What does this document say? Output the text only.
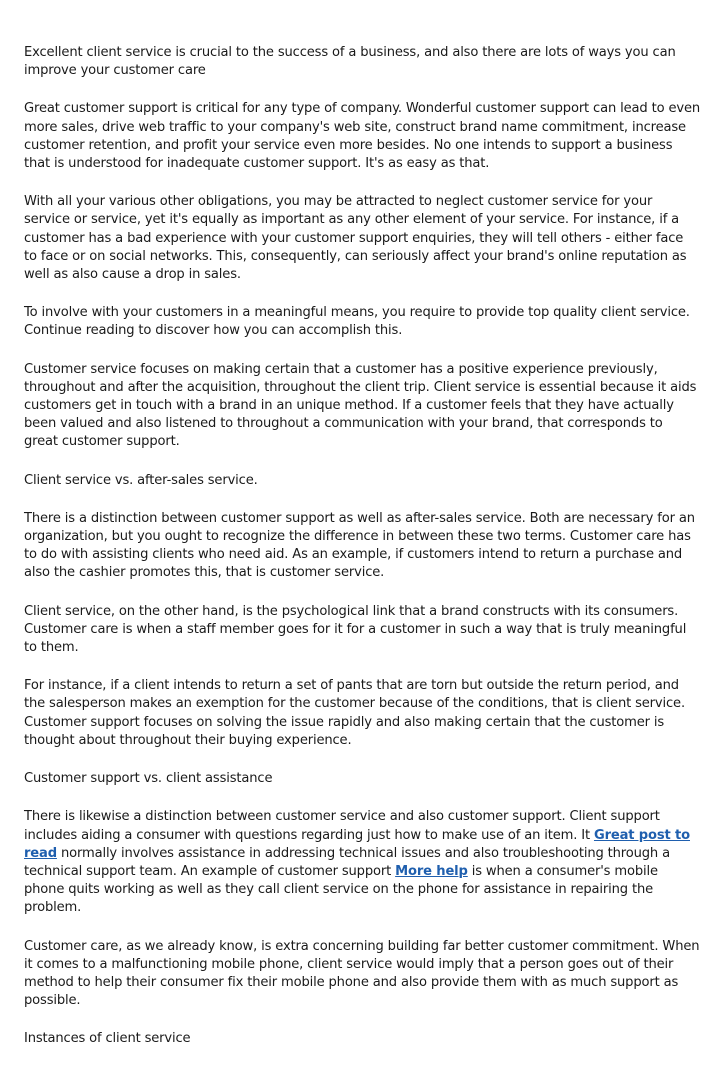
Excellent client service is crucial to the success of a business, and also there are lots of ways you can improve your customer care

Great customer support is critical for any type of company. Wonderful customer support can lead to even more sales, drive web traffic to your company's web site, construct brand name commitment, increase customer retention, and profit your service even more besides. No one intends to support a business that is understood for inadequate customer support. It's as easy as that.

With all your various other obligations, you may be attracted to neglect customer service for your service or service, yet it's equally as important as any other element of your service. For instance, if a customer has a bad experience with your customer support enquiries, they will tell others - either face to face or on social networks. This, consequently, can seriously affect your brand's online reputation as well as also cause a drop in sales.

To involve with your customers in a meaningful means, you require to provide top quality client service. Continue reading to discover how you can accomplish this.

Customer service focuses on making certain that a customer has a positive experience previously, throughout and after the acquisition, throughout the client trip. Client service is essential because it aids customers get in touch with a brand in an unique method. If a customer feels that they have actually been valued and also listened to throughout a communication with your brand, that corresponds to great customer support.

Client service vs. after-sales service.

There is a distinction between customer support as well as after-sales service. Both are necessary for an organization, but you ought to recognize the difference in between these two terms. Customer care has to do with assisting clients who need aid. As an example, if customers intend to return a purchase and also the cashier promotes this, that is customer service.

Client service, on the other hand, is the psychological link that a brand constructs with its consumers. Customer care is when a staff member goes for it for a customer in such a way that is truly meaningful to them.

For instance, if a client intends to return a set of pants that are torn but outside the return period, and the salesperson makes an exemption for the customer because of the conditions, that is client service. Customer support focuses on solving the issue rapidly and also making certain that the customer is thought about throughout their buying experience.

Customer support vs. client assistance

There is likewise a distinction between customer service and also customer support. Client support includes aiding a consumer with questions regarding just how to make use of an item. It Great post to read normally involves assistance in addressing technical issues and also troubleshooting through a technical support team. An example of customer support More help is when a consumer's mobile phone quits working as well as they call client service on the phone for assistance in repairing the problem.

Customer care, as we already know, is extra concerning building far better customer commitment. When it comes to a malfunctioning mobile phone, client service would imply that a person goes out of their method to help their consumer fix their mobile phone and also provide them with as much support as possible.

Instances of client service
